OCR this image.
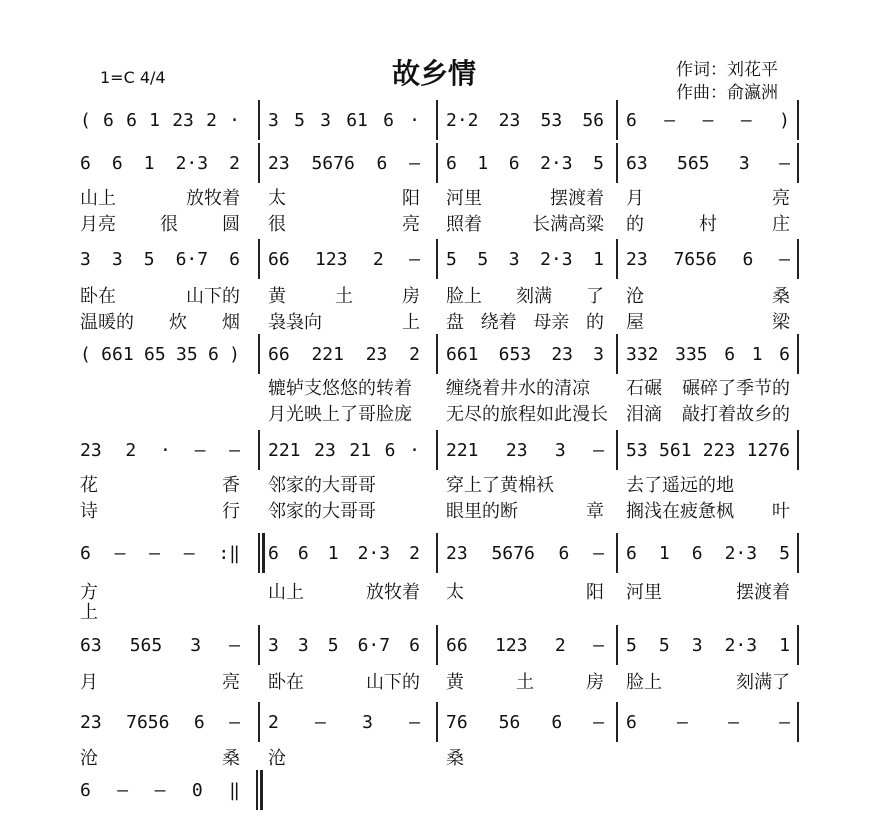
1=C 4/4	故乡情	作词：刘花平
作曲：俞瀛洲
( 6 6 1 23 2 · 3 5 3 61 6 · 2·2 23 53 56 6 — — — )
6 6 1 2·3 2 23 5676 6 — 6 1 6 2·3 5 63 565 3 —
山上	放牧着 太	阳 河里	摆渡着 月	亮
月亮 很 圆 很	亮 照着	长满高粱 的	村	庄
3 3 5 6·7 6 66 123 2 — 5 5 3 2·3 1 23 7656 6 —
卧在	山下的 黄	土	房 脸上 刻满 了 沧	桑
温暖的 炊 烟 袅袅向	上 盘 绕着 母亲 的 屋	梁
( 661 65 35 6 ) 66 221 23 2 661 653 23 3 332 335 6 1 6
辘轳支悠悠的转着 缠绕着井水的清凉 石碾 碾碎了季节的
月光映上了哥脸庞 无尽的旅程如此漫长 泪滴 敲打着故乡的
23 2 · — — 221 23 21 6 · 221 23 3 — 53 561 223 1276
花	香 邻家的大哥哥	穿上了黄棉袄	去了遥远的地
诗	行 邻家的大哥哥	眼里的断	章 搁浅在疲惫枫 叶
6 — — — :‖ 6 6 1 2·3 2 23 5676 6 — 6 1 6 2·3 5
方	山上	放牧着 太	阳 河里	摆渡着
上
63 565 3 — 3 3 5 6·7 6 66 123 2 — 5 5 3 2·3 1
月	亮 卧在	山下的 黄	土	房 脸上	刻满了
23 7656 6 — 2 — 3 — 76 56 6 — 6 — — —
沧	桑 沧	桑
6 — — 0 ‖
